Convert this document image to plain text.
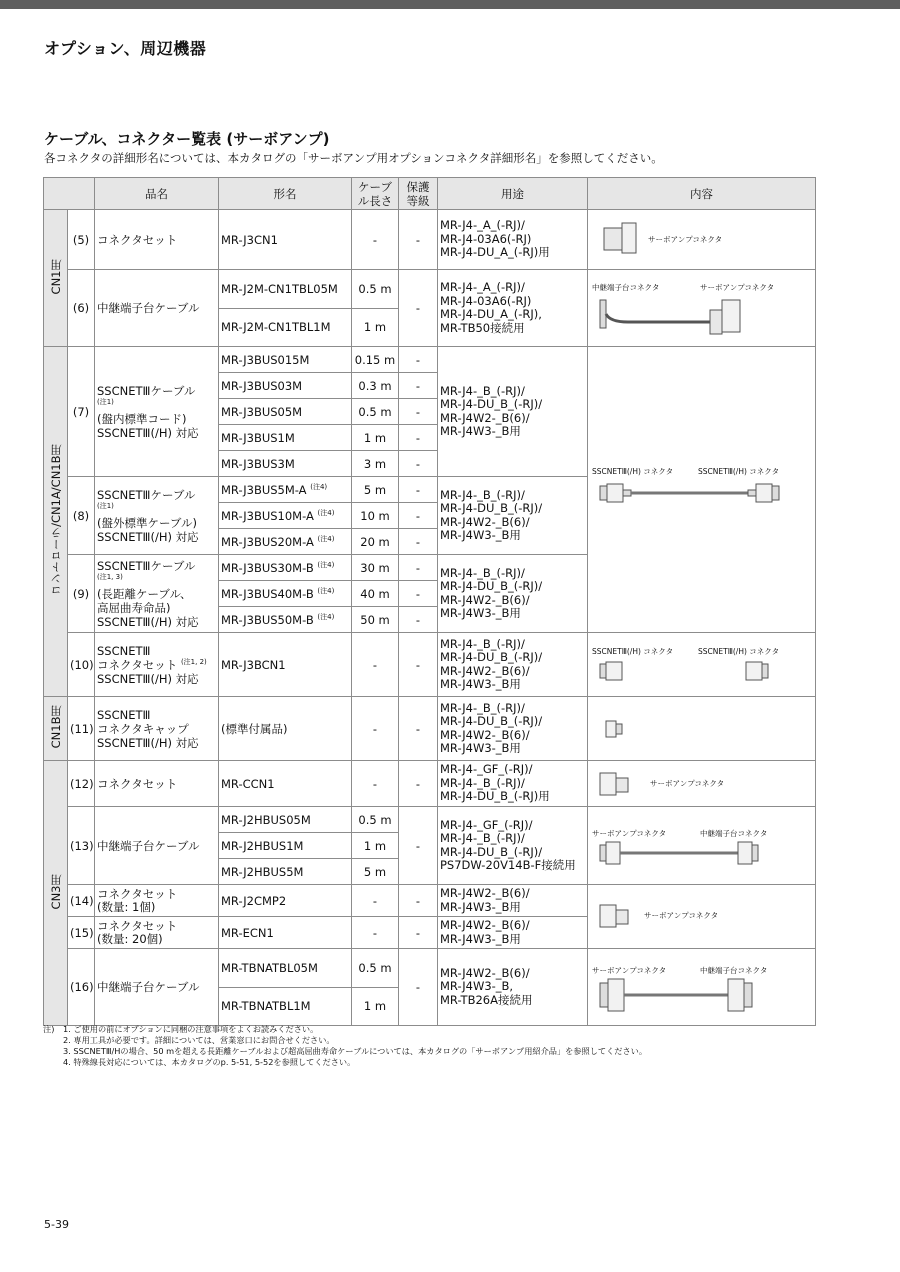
オプション、周辺機器
ケーブル、コネクター覧表 (サーボアンプ)
各コネクタの詳細形名については、本カタログの「サーボアンプ用オプションコネクタ詳細形名」を参照してください。
		品名	形名	ケーブル長さ	保護等級	用途	内容
CN1用	(5)	コネクタセット	MR-J3CN1	-	-	MR-J4-_A_(-RJ)/
MR-J4-03A6(-RJ)
MR-J4-DU_A_(-RJ)用	サーボアンプコネクタ

	(6)	中継端子台ケーブル	MR-J2M-CN1TBL05M	0.5 m	-	MR-J4-_A_(-RJ)/
MR-J4-03A6(-RJ)
MR-J4-DU_A_(-RJ),
MR-TB50接続用	中継端子台コネクタ サーボアンプコネクタ

			MR-J2M-CN1TBL1M	1 m			
コントローラ/CN1A/CN1B用	(7)	SSCNETⅢケーブル
$^{(注1)}$
(盤内標準コード)
SSCNETⅢ(/H) 対応	MR-J3BUS015M	0.15 m	-	MR-J4-_B_(-RJ)/
MR-J4-DU_B_(-RJ)/
MR-J4W2-_B(6)/
MR-J4W3-_B用	SSCNETⅢ(/H) コネクタ SSCNETⅢ(/H) コネクタ

			MR-J3BUS03M	0.3 m	-		
			MR-J3BUS05M	0.5 m	-		
			MR-J3BUS1M	1 m	-		
			MR-J3BUS3M	3 m	-		
	(8)	SSCNETⅢケーブル
$^{(注1)}$
(盤外標準ケーブル)
SSCNETⅢ(/H) 対応	MR-J3BUS5M-A $^{(注4)}$	5 m	-	MR-J4-_B_(-RJ)/
MR-J4-DU_B_(-RJ)/
MR-J4W2-_B(6)/
MR-J4W3-_B用	
			MR-J3BUS10M-A $^{(注4)}$	10 m	-		
			MR-J3BUS20M-A $^{(注4)}$	20 m	-		
	(9)	SSCNETⅢケーブル
$^{(注1, 3)}$
(長距離ケーブル、
高屈曲寿命品)
SSCNETⅢ(/H) 対応	MR-J3BUS30M-B $^{(注4)}$	30 m	-	MR-J4-_B_(-RJ)/
MR-J4-DU_B_(-RJ)/
MR-J4W2-_B(6)/
MR-J4W3-_B用	
			MR-J3BUS40M-B $^{(注4)}$	40 m	-		
			MR-J3BUS50M-B $^{(注4)}$	50 m	-		
	(10)	SSCNETⅢ
コネクタセット $^{(注1, 2)}$
SSCNETⅢ(/H) 対応	MR-J3BCN1	-	-	MR-J4-_B_(-RJ)/
MR-J4-DU_B_(-RJ)/
MR-J4W2-_B(6)/
MR-J4W3-_B用	SSCNETⅢ(/H) コネクタ SSCNETⅢ(/H) コネクタ

CN1B用	(11)	SSCNETⅢ
コネクタキャップ
SSCNETⅢ(/H) 対応	(標準付属品)	-	-	MR-J4-_B_(-RJ)/
MR-J4-DU_B_(-RJ)/
MR-J4W2-_B(6)/
MR-J4W3-_B用	

CN3用	(12)	コネクタセット	MR-CCN1	-	-	MR-J4-_GF_(-RJ)/
MR-J4-_B_(-RJ)/
MR-J4-DU_B_(-RJ)用	サーボアンプコネクタ

	(13)	中継端子台ケーブル	MR-J2HBUS05M	0.5 m	-	MR-J4-_GF_(-RJ)/
MR-J4-_B_(-RJ)/
MR-J4-DU_B_(-RJ)/
PS7DW-20V14B-F接続用	サーボアンプコネクタ 中継端子台コネクタ

			MR-J2HBUS1M	1 m			
			MR-J2HBUS5M	5 m			
	(14)	コネクタセット
(数量: 1個)	MR-J2CMP2	-	-	MR-J4W2-_B(6)/
MR-J4W3-_B用	サーボアンプコネクタ

	(15)	コネクタセット
(数量: 20個)	MR-ECN1	-	-	MR-J4W2-_B(6)/
MR-J4W3-_B用	
	(16)	中継端子台ケーブル	MR-TBNATBL05M	0.5 m	-	MR-J4W2-_B(6)/
MR-J4W3-_B,
MR-TB26A接続用	サーボアンプコネクタ 中継端子台コネクタ

			MR-TBNATBL1M	1 m			
注)	1. ご使用の前にオプションに同梱の注意事項をよくお読みください。
2. 専用工具が必要です。詳細については、営業窓口にお問合せください。
3. SSCNETⅢ/Hの場合、50 mを超える長距離ケーブルおよび超高屈曲寿命ケーブルについては、本カタログの「サーボアンプ用紹介品」を参照してください。
4. 特殊線長対応については、本カタログのp. 5-51, 5-52を参照してください。
5-39
